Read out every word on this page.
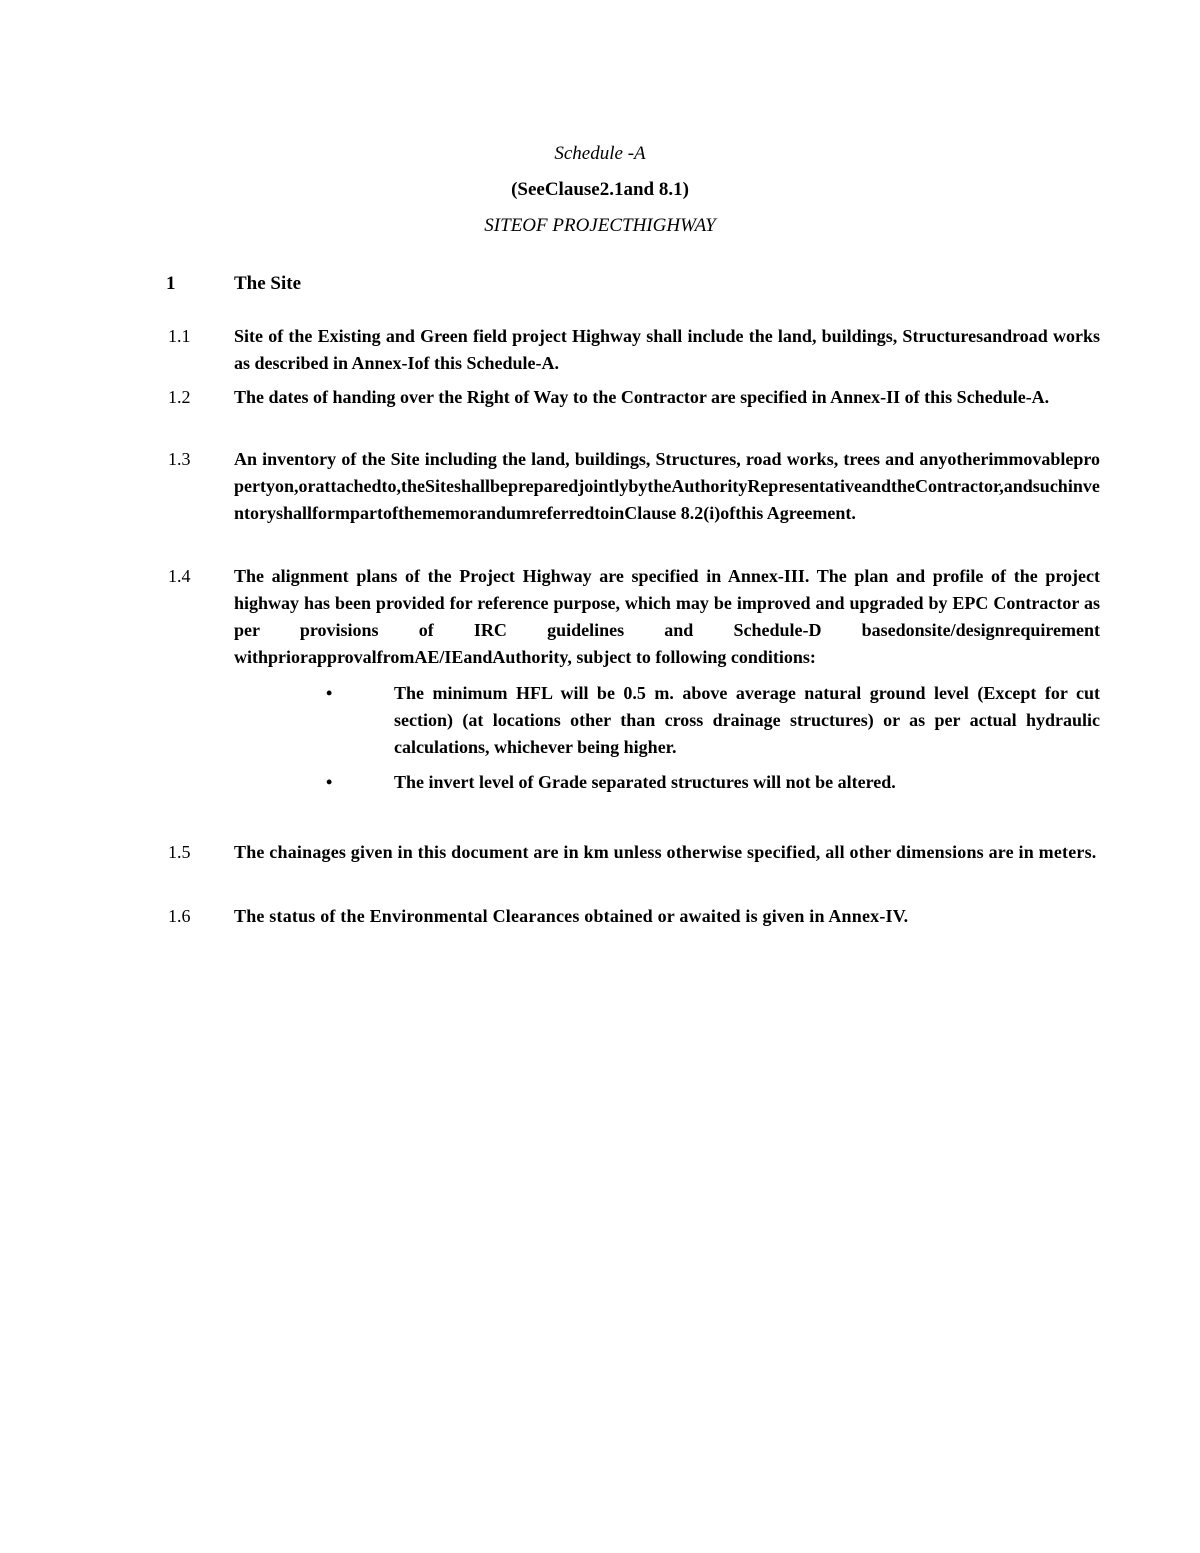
Schedule -A
(SeeClause2.1and 8.1)
SITEOF PROJECTHIGHWAY
1	The Site
1.1 Site of the Existing and Green field project Highway shall include the land, buildings, Structuresandroad works as described in Annex-Iof this Schedule-A.
1.2 The dates of handing over the Right of Way to the Contractor are specified in Annex-II of this Schedule-A.
1.3 An inventory of the Site including the land, buildings, Structures, road works, trees and anyotherimmovablepropertyon,orattachedto,theSiteshallbepreparedjointlybytheAuthorityRepresentativeandtheContractor,andsuchinventoryshallformpartofthememorandumreferredtoinClause 8.2(i)ofthis Agreement.
1.4 The alignment plans of the Project Highway are specified in Annex-III. The plan and profile of the project highway has been provided for reference purpose, which may be improved and upgraded by EPC Contractor as per provisions of IRC guidelines and Schedule-D basedonsite/designrequirement withpriorapprovalfromAE/IEandAuthority, subject to following conditions:
•	The minimum HFL will be 0.5 m. above average natural ground level (Except for cut section) (at locations other than cross drainage structures) or as per actual hydraulic calculations, whichever being higher.
•	The invert level of Grade separated structures will not be altered.
1.5 The chainages given in this document are in km unless otherwise specified, all other dimensions are in meters.
1.6 The status of the Environmental Clearances obtained or awaited is given in Annex-IV.
